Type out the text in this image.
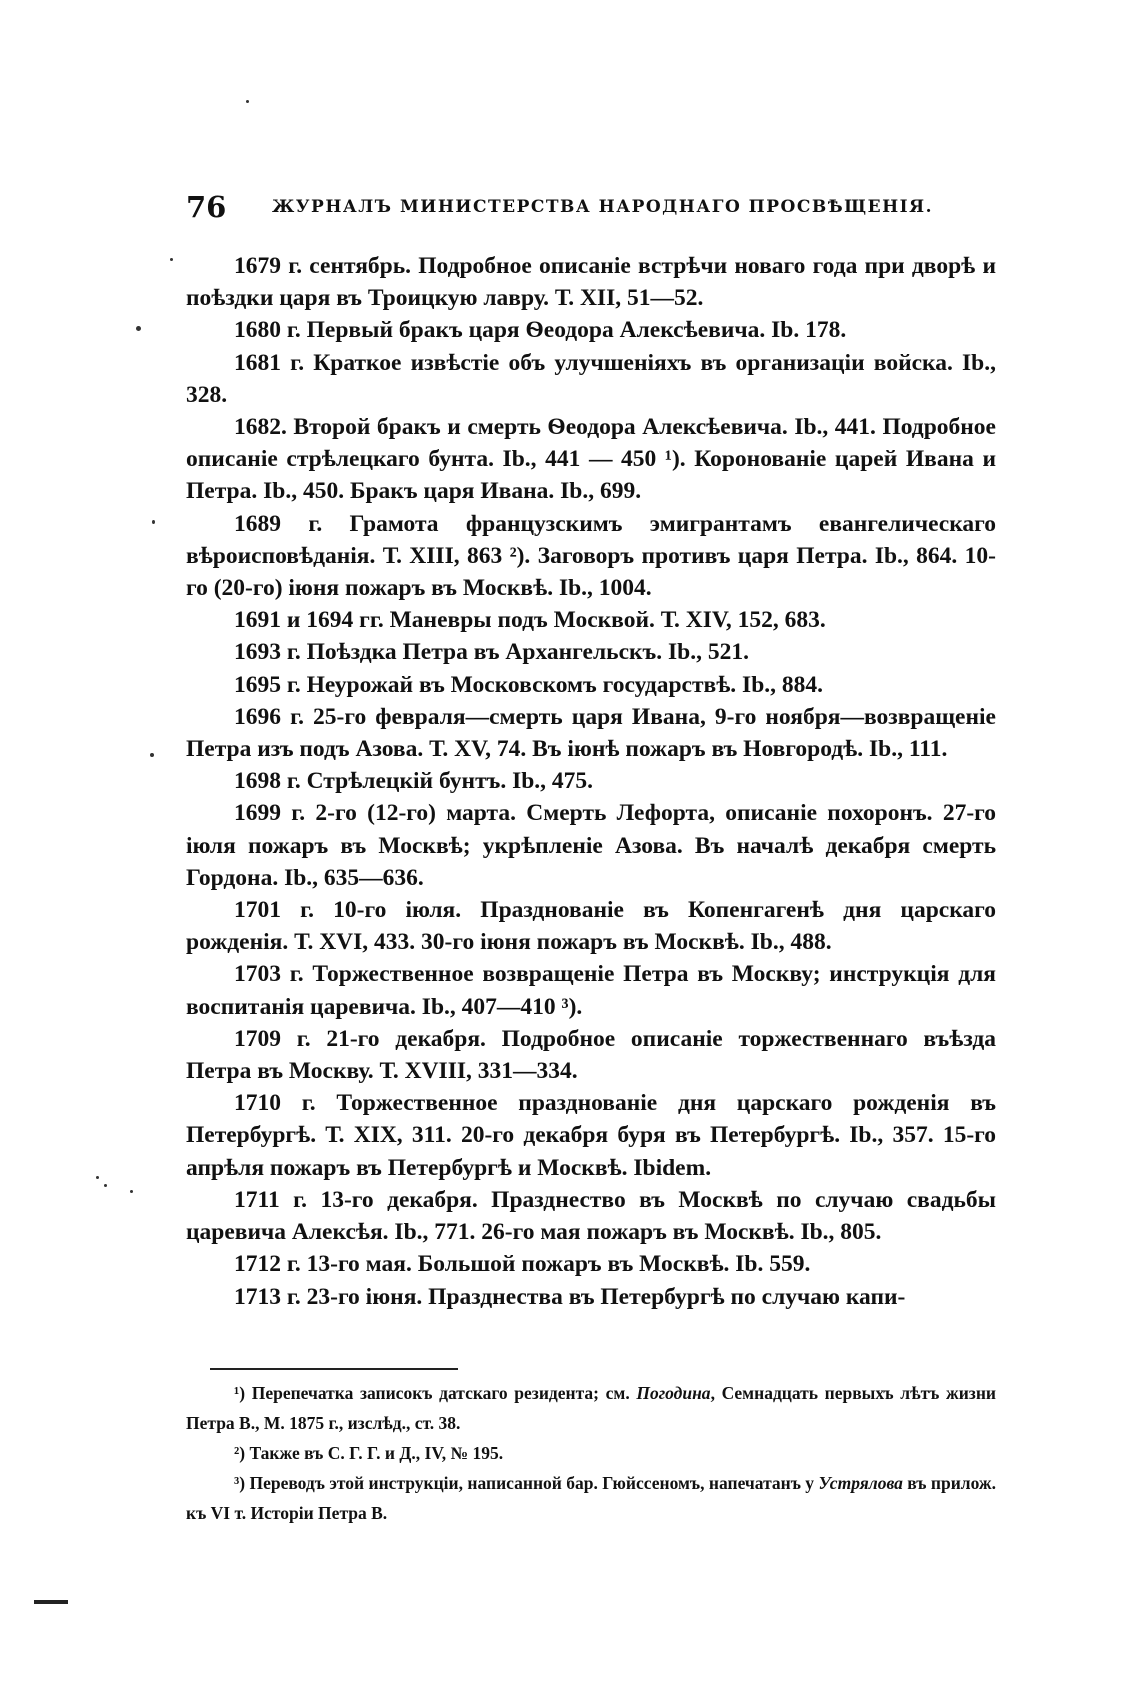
76	ЖУРНАЛЪ МИНИСТЕРСТВА НАРОДНАГО ПРОСВѢЩЕНІЯ.

1679 г. сентябрь. Подробное описаніе встрѣчи новаго года при дворѣ и поѣздки царя въ Троицкую лавру. Т. XII, 51—52.

1680 г. Первый бракъ царя Ѳеодора Алексѣевича. Ib. 178.

1681 г. Краткое извѣстіе объ улучшеніяхъ въ организаціи войска. Ib., 328.

1682. Второй бракъ и смерть Ѳеодора Алексѣевича. Ib., 441. Подробное описаніе стрѣлецкаго бунта. Ib., 441 — 450 ¹). Коронованіе царей Ивана и Петра. Ib., 450. Бракъ царя Ивана. Ib., 699.

1689 г. Грамота французскимъ эмигрантамъ евангелическаго вѣроисповѣданія. Т. XIII, 863 ²). Заговоръ противъ царя Петра. Ib., 864. 10-го (20-го) іюня пожаръ въ Москвѣ. Ib., 1004.

1691 и 1694 гг. Маневры подъ Москвой. Т. XIV, 152, 683.

1693 г. Поѣздка Петра въ Архангельскъ. Ib., 521.

1695 г. Неурожай въ Московскомъ государствѣ. Ib., 884.

1696 г. 25-го февраля—смерть царя Ивана, 9-го ноября—возвращеніе Петра изъ подъ Азова. Т. XV, 74. Въ іюнѣ пожаръ въ Новгородѣ. Ib., 111.

1698 г. Стрѣлецкій бунтъ. Ib., 475.

1699 г. 2-го (12-го) марта. Смерть Лефорта, описаніе похоронъ. 27-го іюля пожаръ въ Москвѣ; укрѣпленіе Азова. Въ началѣ декабря смерть Гордона. Ib., 635—636.

1701 г. 10-го іюля. Празднованіе въ Копенгагенѣ дня царскаго рожденія. Т. XVI, 433. 30-го іюня пожаръ въ Москвѣ. Ib., 488.

1703 г. Торжественное возвращеніе Петра въ Москву; инструкція для воспитанія царевича. Ib., 407—410 ³).

1709 г. 21-го декабря. Подробное описаніе торжественнаго въѣзда Петра въ Москву. Т. XVIII, 331—334.

1710 г. Торжественное празднованіе дня царскаго рожденія въ Петербургѣ. Т. XIX, 311. 20-го декабря буря въ Петербургѣ. Ib., 357. 15-го апрѣля пожаръ въ Петербургѣ и Москвѣ. Ibidem.

1711 г. 13-го декабря. Празднество въ Москвѣ по случаю свадьбы царевича Алексѣя. Ib., 771. 26-го мая пожаръ въ Москвѣ. Ib., 805.

1712 г. 13-го мая. Большой пожаръ въ Москвѣ. Ib. 559.

1713 г. 23-го іюня. Празднества въ Петербургѣ по случаю капи-

¹) Перепечатка записокъ датскаго резидента; см. Погодина, Семнадцать первыхъ лѣтъ жизни Петра В., М. 1875 г., изслѣд., ст. 38.

²) Также въ С. Г. Г. и Д., IV, № 195.

³) Переводъ этой инструкціи, написанной бар. Гюйссеномъ, напечатанъ у Устрялова въ прилож. къ VI т. Исторіи Петра В.
